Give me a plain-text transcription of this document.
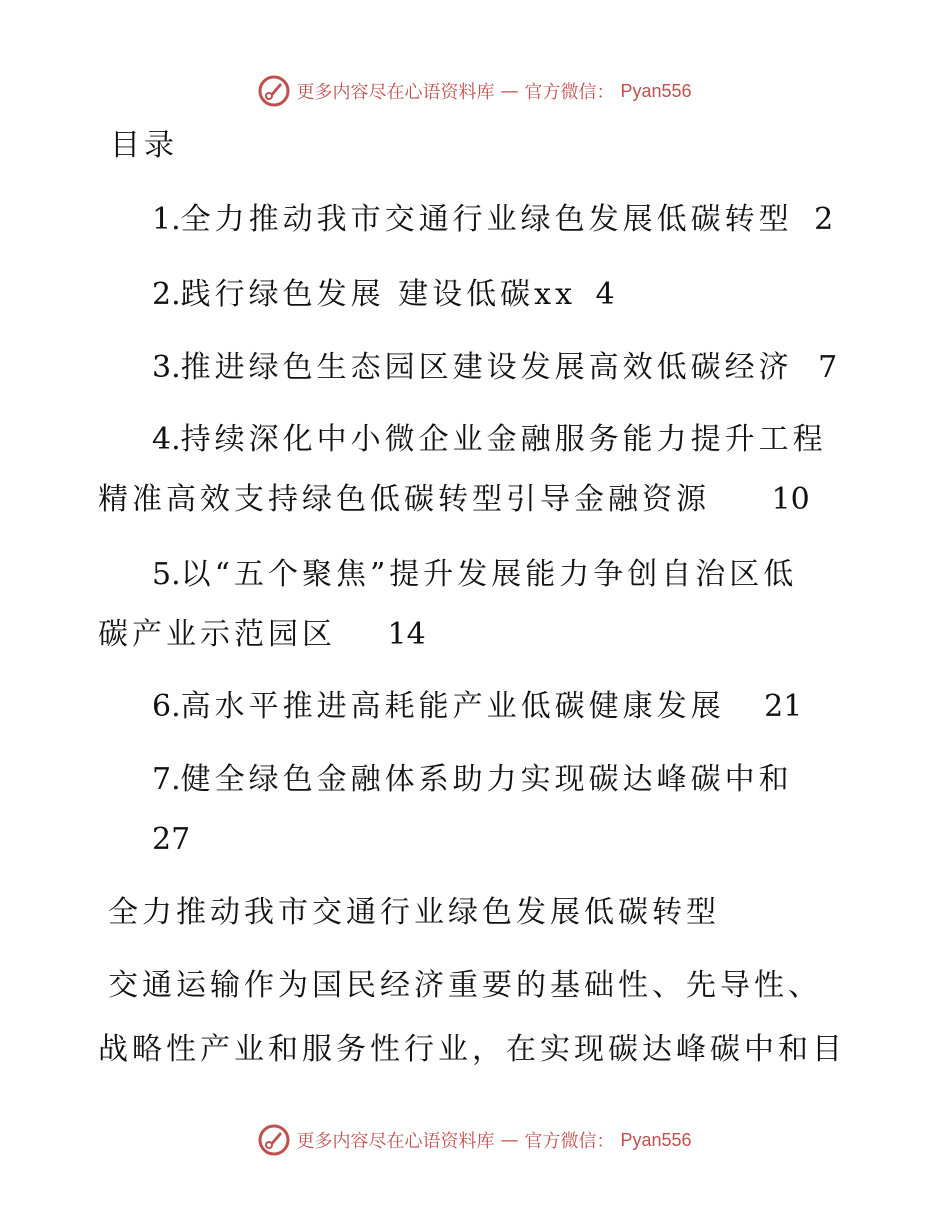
更多内容尽在心语资料库 — 官方微信： Pyan556
目录
1.全力推动我市交通行业绿色发展低碳转型 2
2.践行绿色发展 建设低碳xx 4
3.推进绿色生态园区建设发展高效低碳经济 7
4.持续深化中小微企业金融服务能力提升工程
精准高效支持绿色低碳转型引导金融资源 10
5.以“五个聚焦”提升发展能力争创自治区低
碳产业示范园区 14
6.高水平推进高耗能产业低碳健康发展 21
7.健全绿色金融体系助力实现碳达峰碳中和
27
全力推动我市交通行业绿色发展低碳转型
交通运输作为国民经济重要的基础性、先导性、
战略性产业和服务性行业，在实现碳达峰碳中和目
更多内容尽在心语资料库 — 官方微信： Pyan556
